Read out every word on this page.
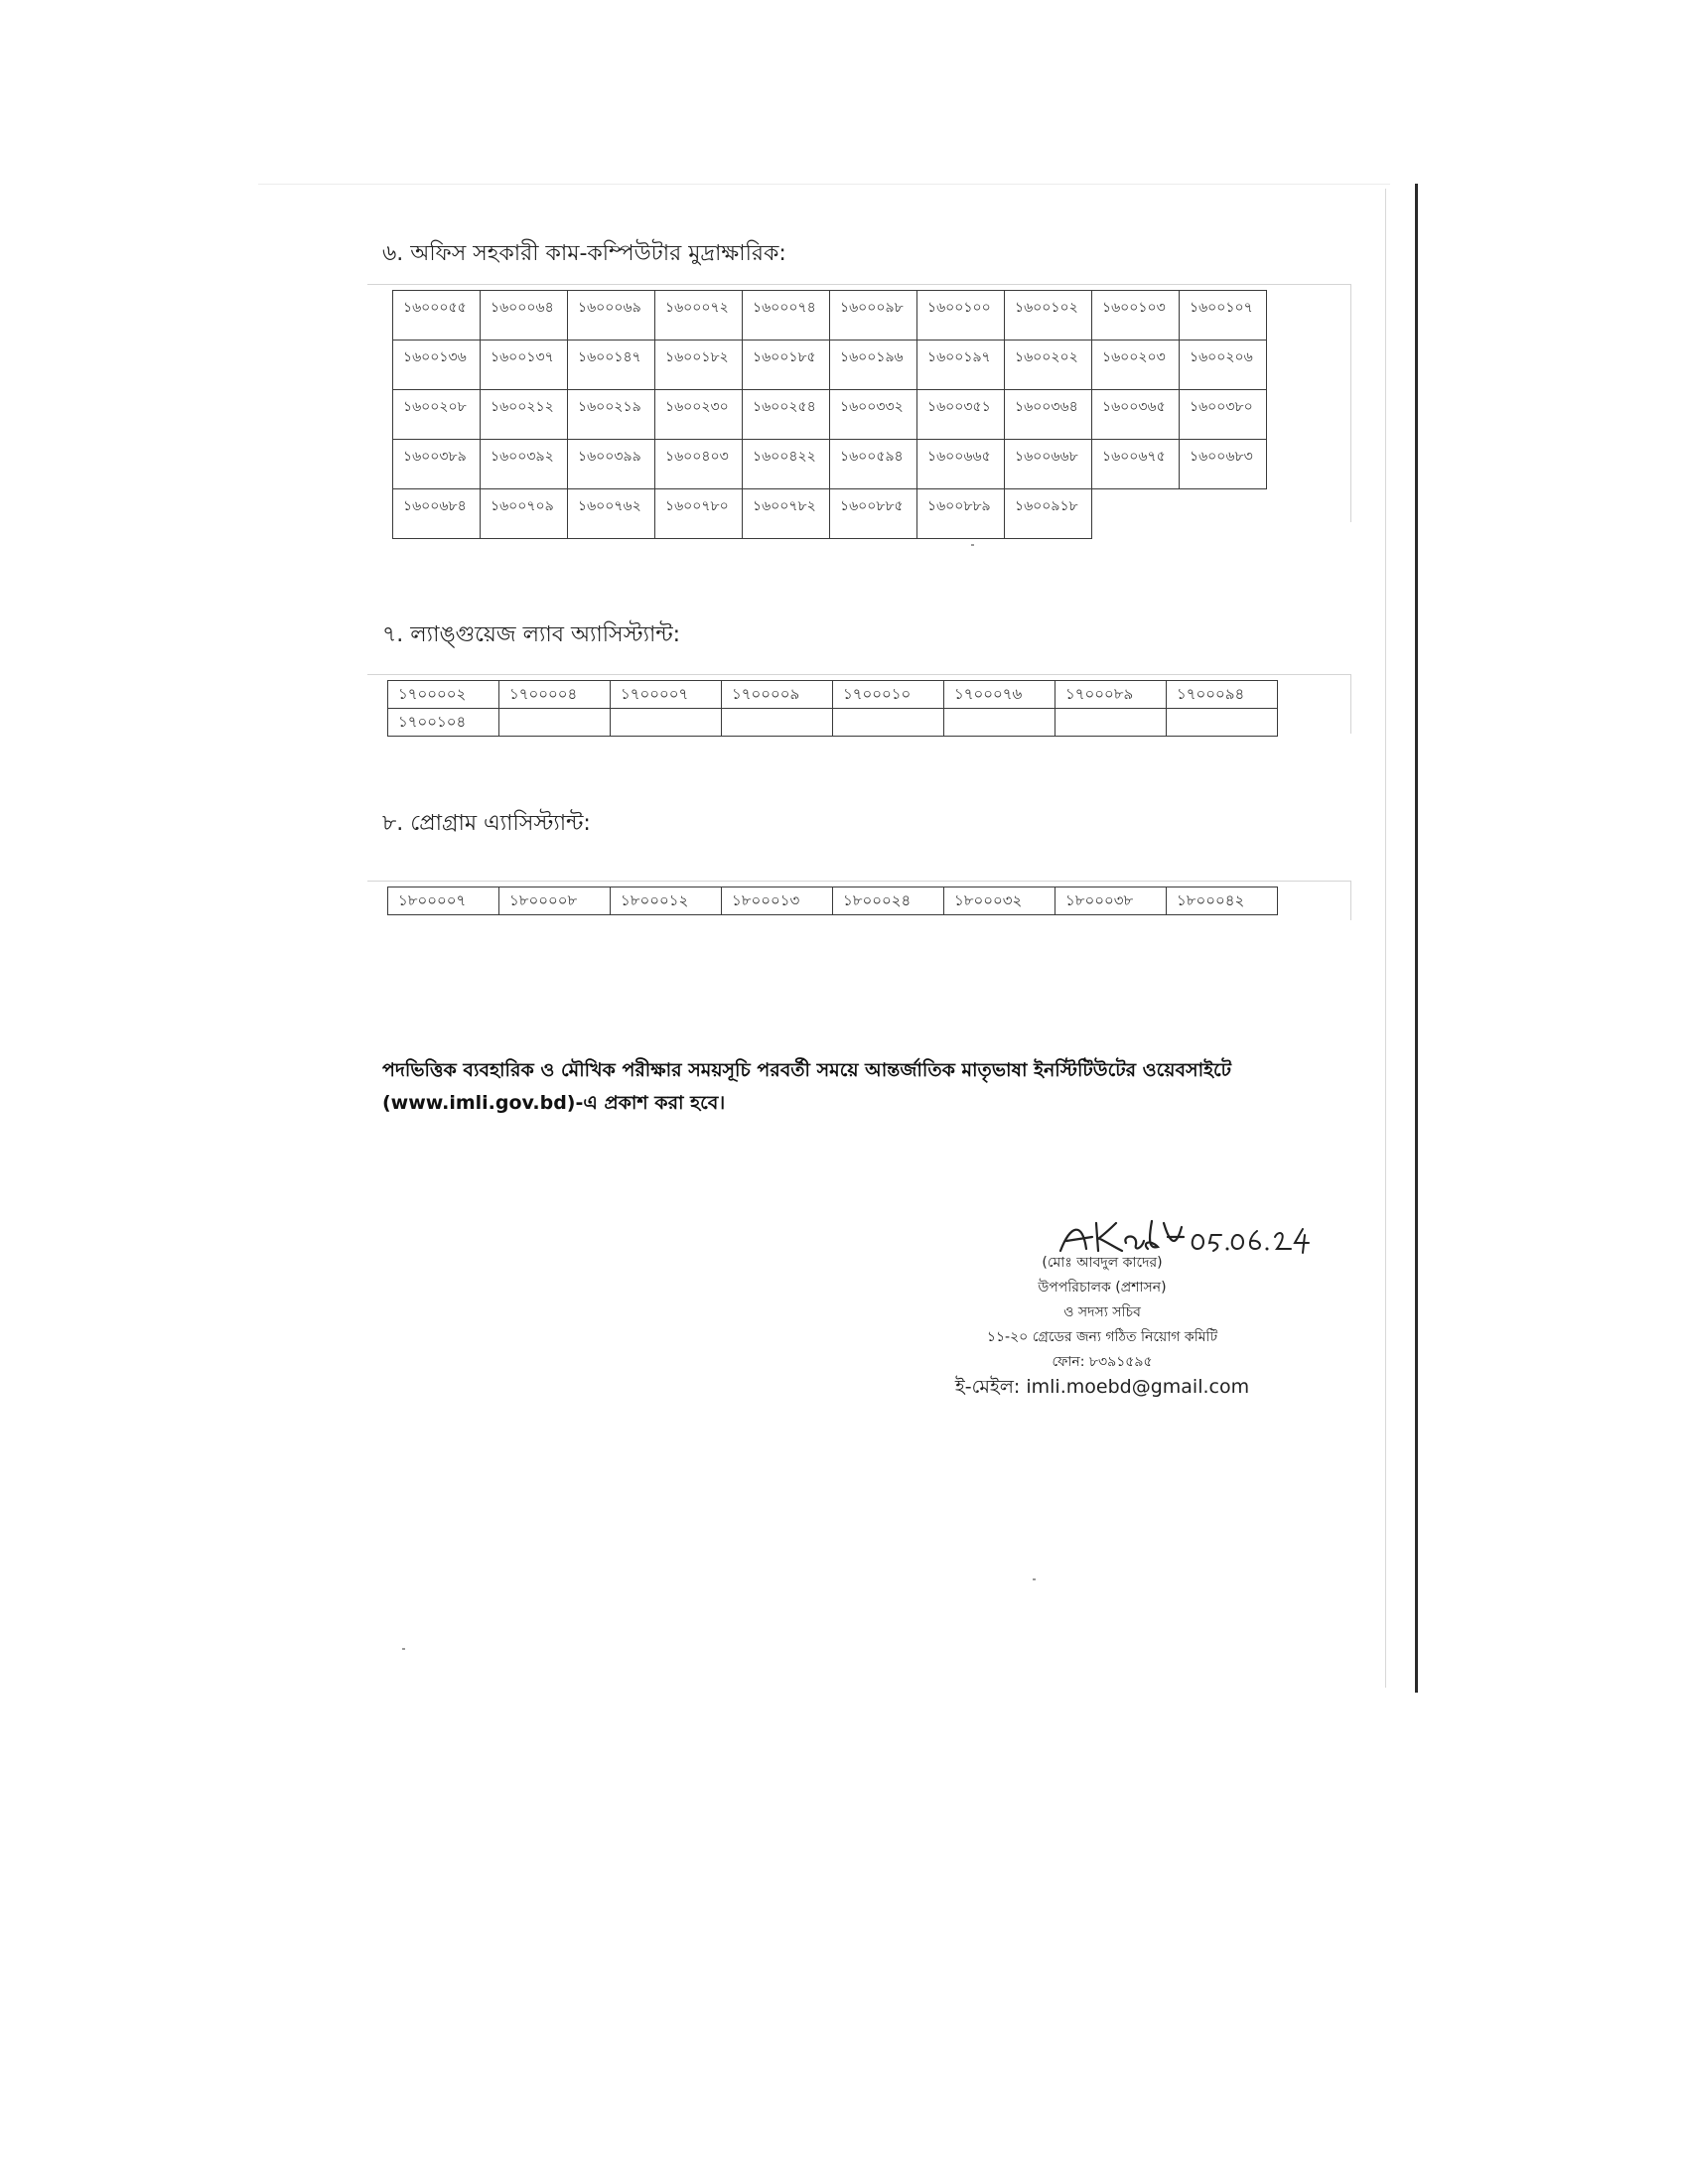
৬. অফিস সহকারী কাম-কম্পিউটার মুদ্রাক্ষারিক:
১৬০০০৫৫	১৬০০০৬৪	১৬০০০৬৯	১৬০০০৭২	১৬০০০৭৪	১৬০০০৯৮	১৬০০১০০	১৬০০১০২	১৬০০১০৩	১৬০০১০৭
১৬০০১৩৬	১৬০০১৩৭	১৬০০১৪৭	১৬০০১৮২	১৬০০১৮৫	১৬০০১৯৬	১৬০০১৯৭	১৬০০২০২	১৬০০২০৩	১৬০০২০৬
১৬০০২০৮	১৬০০২১২	১৬০০২১৯	১৬০০২৩০	১৬০০২৫৪	১৬০০৩৩২	১৬০০৩৫১	১৬০০৩৬৪	১৬০০৩৬৫	১৬০০৩৮০
১৬০০৩৮৯	১৬০০৩৯২	১৬০০৩৯৯	১৬০০৪০৩	১৬০০৪২২	১৬০০৫৯৪	১৬০০৬৬৫	১৬০০৬৬৮	১৬০০৬৭৫	১৬০০৬৮৩
১৬০০৬৮৪	১৬০০৭০৯	১৬০০৭৬২	১৬০০৭৮০	১৬০০৭৮২	১৬০০৮৮৫	১৬০০৮৮৯	১৬০০৯১৮		
৭. ল্যাঙ্গুয়েজ ল্যাব অ্যাসিস্ট্যান্ট:
১৭০০০০২	১৭০০০০৪	১৭০০০০৭	১৭০০০০৯	১৭০০০১০	১৭০০০৭৬	১৭০০০৮৯	১৭০০০৯৪
১৭০০১০৪							
৮. প্রোগ্রাম এ্যাসিস্ট্যান্ট:
১৮০০০০৭	১৮০০০০৮	১৮০০০১২	১৮০০০১৩	১৮০০০২৪	১৮০০০৩২	১৮০০০৩৮	১৮০০০৪২
পদভিত্তিক ব্যবহারিক ও মৌখিক পরীক্ষার সময়সূচি পরবর্তী সময়ে আন্তর্জাতিক মাতৃভাষা ইনস্টিটিউটের ওয়েবসাইটে (www.imli.gov.bd)-এ প্রকাশ করা হবে।
(মোঃ আবদুল কাদের)
উপপরিচালক (প্রশাসন)
ও সদস্য সচিব
১১-২০ গ্রেডের জন্য গঠিত নিয়োগ কমিটি
ফোন: ৮৩৯১৫৯৫
ই-মেইল: imli.moebd@gmail.com
